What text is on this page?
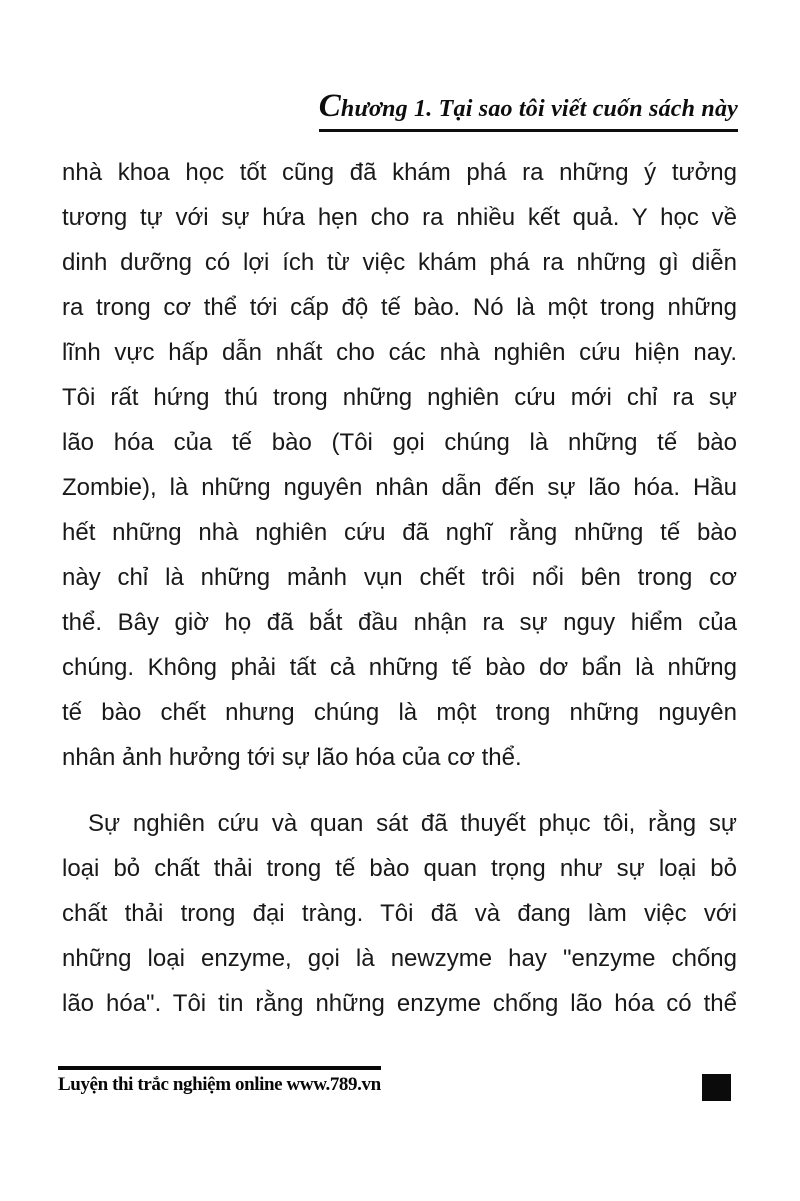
Chương 1. Tại sao tôi viết cuốn sách này
nhà khoa học tốt cũng đã khám phá ra những ý tưởng
tương tự với sự hứa hẹn cho ra nhiều kết quả. Y học về
dinh dưỡng có lợi ích từ việc khám phá ra những gì diễn
ra trong cơ thể tới cấp độ tế bào. Nó là một trong những
lĩnh vực hấp dẫn nhất cho các nhà nghiên cứu hiện nay.
Tôi rất hứng thú trong những nghiên cứu mới chỉ ra sự
lão hóa của tế bào (Tôi gọi chúng là những tế bào
Zombie), là những nguyên nhân dẫn đến sự lão hóa. Hầu
hết những nhà nghiên cứu đã nghĩ rằng những tế bào
này chỉ là những mảnh vụn chết trôi nổi bên trong cơ
thể. Bây giờ họ đã bắt đầu nhận ra sự nguy hiểm của
chúng. Không phải tất cả những tế bào dơ bẩn là những
tế bào chết nhưng chúng là một trong những nguyên
nhân ảnh hưởng tới sự lão hóa của cơ thể.
Sự nghiên cứu và quan sát đã thuyết phục tôi, rằng sự
loại bỏ chất thải trong tế bào quan trọng như sự loại bỏ
chất thải trong đại tràng. Tôi đã và đang làm việc với
những loại enzyme, gọi là newzyme hay "enzyme chống
lão hóa". Tôi tin rằng những enzyme chống lão hóa có thể
Luyện thi trắc nghiệm online www.789.vn
